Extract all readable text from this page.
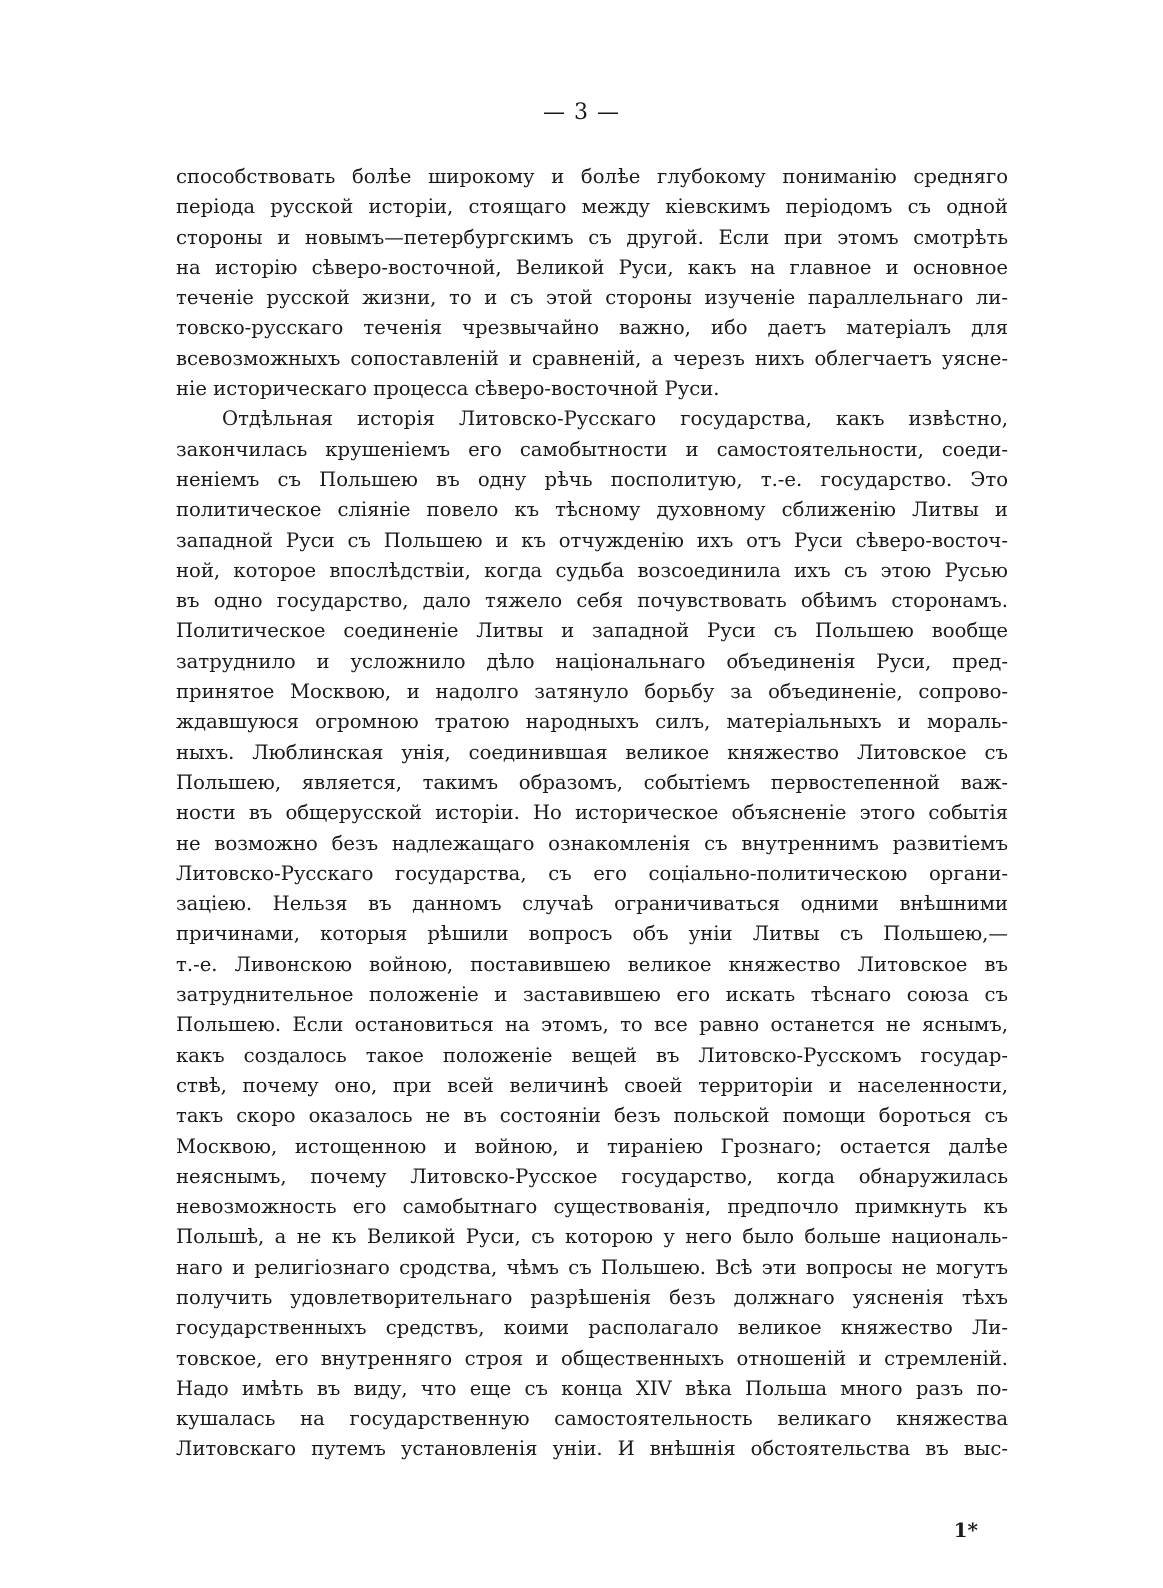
— 3 —
способствовать болѣе широкому и болѣе глубокому пониманію средняго
періода русской исторіи, стоящаго между кіевскимъ періодомъ съ одной
стороны и новымъ—петербургскимъ съ другой. Если при этомъ смотрѣть
на исторію сѣверо-восточной, Великой Руси, какъ на главное и основное
теченіе русской жизни, то и съ этой стороны изученіе параллельнаго ли-
товско-русскаго теченія чрезвычайно важно, ибо даетъ матеріалъ для
всевозможныхъ сопоставленій и сравненій, а черезъ нихъ облегчаетъ уясне-
ніе историческаго процесса сѣверо-восточной Руси.
Отдѣльная исторія Литовско-Русскаго государства, какъ извѣстно,
закончилась крушеніемъ его самобытности и самостоятельности, соеди-
неніемъ съ Польшею въ одну рѣчь посполитую, т.-е. государство. Это
политическое сліяніе повело къ тѣсному духовному сближенію Литвы и
западной Руси съ Польшею и къ отчужденію ихъ отъ Руси сѣверо-восточ-
ной, которое впослѣдствіи, когда судьба возсоединила ихъ съ этою Русью
въ одно государство, дало тяжело себя почувствовать обѣимъ сторонамъ.
Политическое соединеніе Литвы и западной Руси съ Польшею вообще
затруднило и усложнило дѣло національнаго объединенія Руси, пред-
принятое Москвою, и надолго затянуло борьбу за объединеніе, сопрово-
ждавшуюся огромною тратою народныхъ силъ, матеріальныхъ и мораль-
ныхъ. Люблинская унія, соединившая великое княжество Литовское съ
Польшею, является, такимъ образомъ, событіемъ первостепенной важ-
ности въ общерусской исторіи. Но историческое объясненіе этого событія
не возможно безъ надлежащаго ознакомленія съ внутреннимъ развитіемъ
Литовско-Русскаго государства, съ его соціально-политическою органи-
зацiею. Нельзя въ данномъ случаѣ ограничиваться одними внѣшними
причинами, которыя рѣшили вопросъ объ уніи Литвы съ Польшею,—
т.-е. Ливонскою войною, поставившею великое княжество Литовское въ
затруднительное положеніе и заставившею его искать тѣснаго союза съ
Польшею. Если остановиться на этомъ, то все равно останется не яснымъ,
какъ создалось такое положеніе вещей въ Литовско-Русскомъ государ-
ствѣ, почему оно, при всей величинѣ своей территоріи и населенности,
такъ скоро оказалось не въ состояніи безъ польской помощи бороться съ
Москвою, истощенною и войною, и тираніею Грознаго; остается далѣе
неяснымъ, почему Литовско-Русское государство, когда обнаружилась
невозможность его самобытнаго существованія, предпочло примкнуть къ
Польшѣ, а не къ Великой Руси, съ которою у него было больше националь-
наго и религіознаго сродства, чѣмъ съ Польшею. Всѣ эти вопросы не могутъ
получить удовлетворительнаго разрѣшенія безъ должнаго уясненія тѣхъ
государственныхъ средствъ, коими располагало великое княжество Ли-
товское, его внутренняго строя и общественныхъ отношеній и стремленій.
Надо имѣть въ виду, что еще съ конца XIV вѣка Польша много разъ по-
кушалась на государственную самостоятельность великаго княжества
Литовскаго путемъ установленія уніи. И внѣшнія обстоятельства въ выс-
1*
